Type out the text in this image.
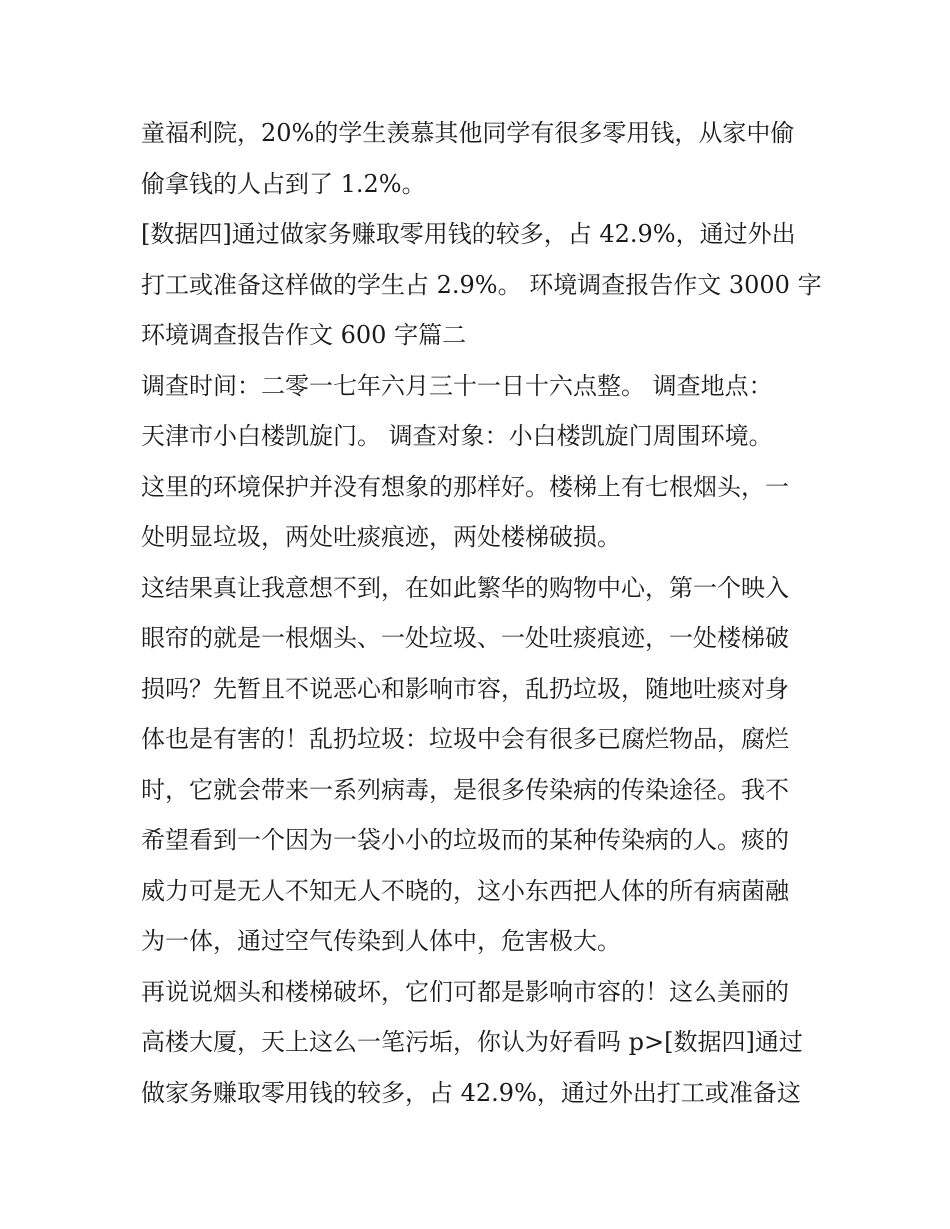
童福利院，20%的学生羡慕其他同学有很多零用钱，从家中偷
偷拿钱的人占到了 1.2%。
[数据四]通过做家务赚取零用钱的较多，占 42.9%，通过外出
打工或准备这样做的学生占 2.9%。 环境调查报告作文 3000 字
环境调查报告作文 600 字篇二
调查时间：二零一七年六月三十一日十六点整。 调查地点：
天津市小白楼凯旋门。 调查对象：小白楼凯旋门周围环境。
这里的环境保护并没有想象的那样好。楼梯上有七根烟头，一
处明显垃圾，两处吐痰痕迹，两处楼梯破损。
这结果真让我意想不到，在如此繁华的购物中心，第一个映入
眼帘的就是一根烟头、一处垃圾、一处吐痰痕迹，一处楼梯破
损吗？先暂且不说恶心和影响市容，乱扔垃圾，随地吐痰对身
体也是有害的！乱扔垃圾：垃圾中会有很多已腐烂物品，腐烂
时，它就会带来一系列病毒，是很多传染病的传染途径。我不
希望看到一个因为一袋小小的垃圾而的某种传染病的人。痰的
威力可是无人不知无人不晓的，这小东西把人体的所有病菌融
为一体，通过空气传染到人体中，危害极大。
再说说烟头和楼梯破坏，它们可都是影响市容的！这么美丽的
高楼大厦，天上这么一笔污垢，你认为好看吗 p>[数据四]通过
做家务赚取零用钱的较多，占 42.9%，通过外出打工或准备这
